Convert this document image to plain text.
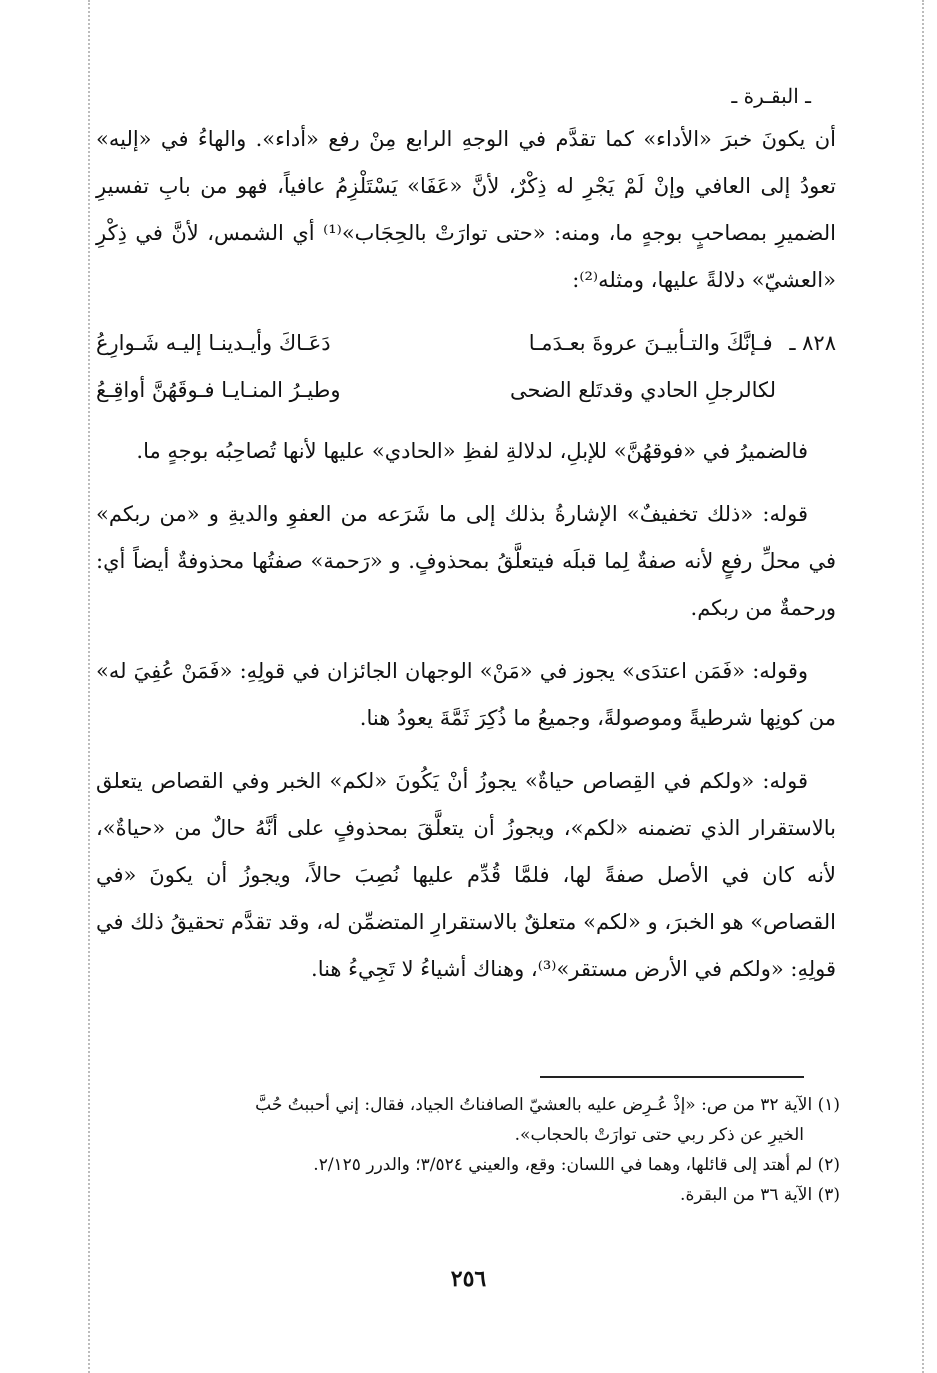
ـ البقـرة ـ

أن يكونَ خبرَ «الأداء» كما تقدَّم في الوجهِ الرابع مِنْ رفع «أداء». والهاءُ في «إليه» تعودُ إلى العافي وإنْ لَمْ يَجْرِ له ذِكْرٌ، لأنَّ «عَفَا» يَسْتَلْزِمُ عافياً، فهو من بابِ تفسيرِ الضميرِ بمصاحبٍ بوجهٍ ما، ومنه: «حتى توارَتْ بالحِجَاب»⁽¹⁾ أي الشمس، لأنَّ في ذِكْرِ «العشيّ» دلالةً عليها، ومثله⁽²⁾:

٨٢٨ ـ فـإنَّكَ والتـأبيـنَ عروةَ بعـدَمـا
دَعَـاكَ وأيـدينـا إليـه شَـوارِعُ
لكالرجلِ الحادي وقدتَلع الضحى
وطيـرُ المنـايـا فـوقَهُنَّ أواقِـعُ

فالضميرُ في «فوقهُنَّ» للإبلِ، لدلالةِ لفظِ «الحادي» عليها لأنها تُصاحِبُه بوجهٍ ما.

قوله: «ذلك تخفيفٌ» الإشارةُ بذلك إلى ما شَرَعه من العفوِ والديةِ و «من ربكم» في محلِّ رفعٍ لأنه صفةٌ لِما قبلَه فيتعلَّقُ بمحذوفٍ. و «رَحمة» صفتُها محذوفةٌ أيضاً أي: ورحمةٌ من ربكم.

وقوله: «فَمَن اعتدَى» يجوز في «مَنْ» الوجهان الجائزان في قولِهِ: «فَمَنْ عُفِيَ له» من كونِها شرطيةً وموصولةً، وجميعُ ما ذُكِرَ ثَمَّةَ يعودُ هنا.

قوله: «ولكم في القِصاص حياةٌ» يجوزُ أنْ يَكُونَ «لكم» الخبر وفي القصاص يتعلق بالاستقرار الذي تضمنه «لكم»، ويجوزُ أن يتعلَّقَ بمحذوفٍ على أنَّهُ حالٌ من «حياةٌ»، لأنه كان في الأصل صفةً لها، فلمَّا قُدِّم عليها نُصِبَ حالاً، ويجوزُ أن يكونَ «في القصاص» هو الخبرَ، و «لكم» متعلقٌ بالاستقرارِ المتضمِّن له، وقد تقدَّم تحقيقُ ذلك في قولِهِ: «ولكم في الأرض مستقر»⁽³⁾، وهناك أشياءُ لا تَجِيءُ هنا.

(١) الآية ٣٢ من ص: «إذْ عُـرِض عليه بالعشيّ الصافناتُ الجياد، فقال: إني أحببتُ حُبَّ

الخيرِ عن ذكر ربي حتى توارَتْ بالحجاب».

(٢) لم أهتد إلى قائلها، وهما في اللسان: وقع، والعيني ٣/٥٢٤؛ والدرر ٢/١٢٥.

(٣) الآية ٣٦ من البقرة.

٢٥٦
